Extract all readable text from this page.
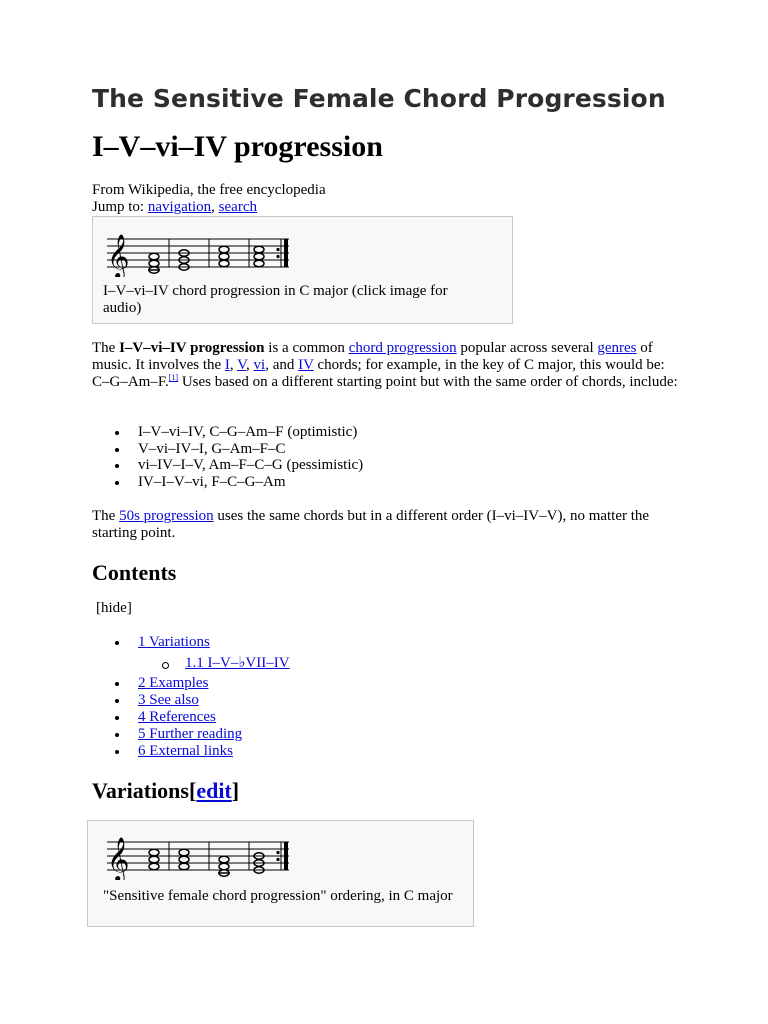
The Sensitive Female Chord Progression
I–V–vi–IV progression
From Wikipedia, the free encyclopedia
Jump to: navigation, search
𝄞
I–V–vi–IV chord progression in C major (click image for audio)

The I–V–vi–IV progression is a common chord progression popular across several genres of music. It involves the I, V, vi, and IV chords; for example, in the key of C major, this would be: C–G–Am–F.[1] Uses based on a different starting point but with the same order of chords, include:

I–V–vi–IV, C–G–Am–F (optimistic)
V–vi–IV–I, G–Am–F–C
vi–IV–I–V, Am–F–C–G (pessimistic)
IV–I–V–vi, F–C–G–Am

The 50s progression uses the same chords but in a different order (I–vi–IV–V), no matter the starting point.

Contents
[hide]
1 Variations
1.1 I–V–♭VII–IV
2 Examples
3 See also
4 References
5 Further reading
6 External links
Variations[edit]
𝄞
"Sensitive female chord progression" ordering, in C major
